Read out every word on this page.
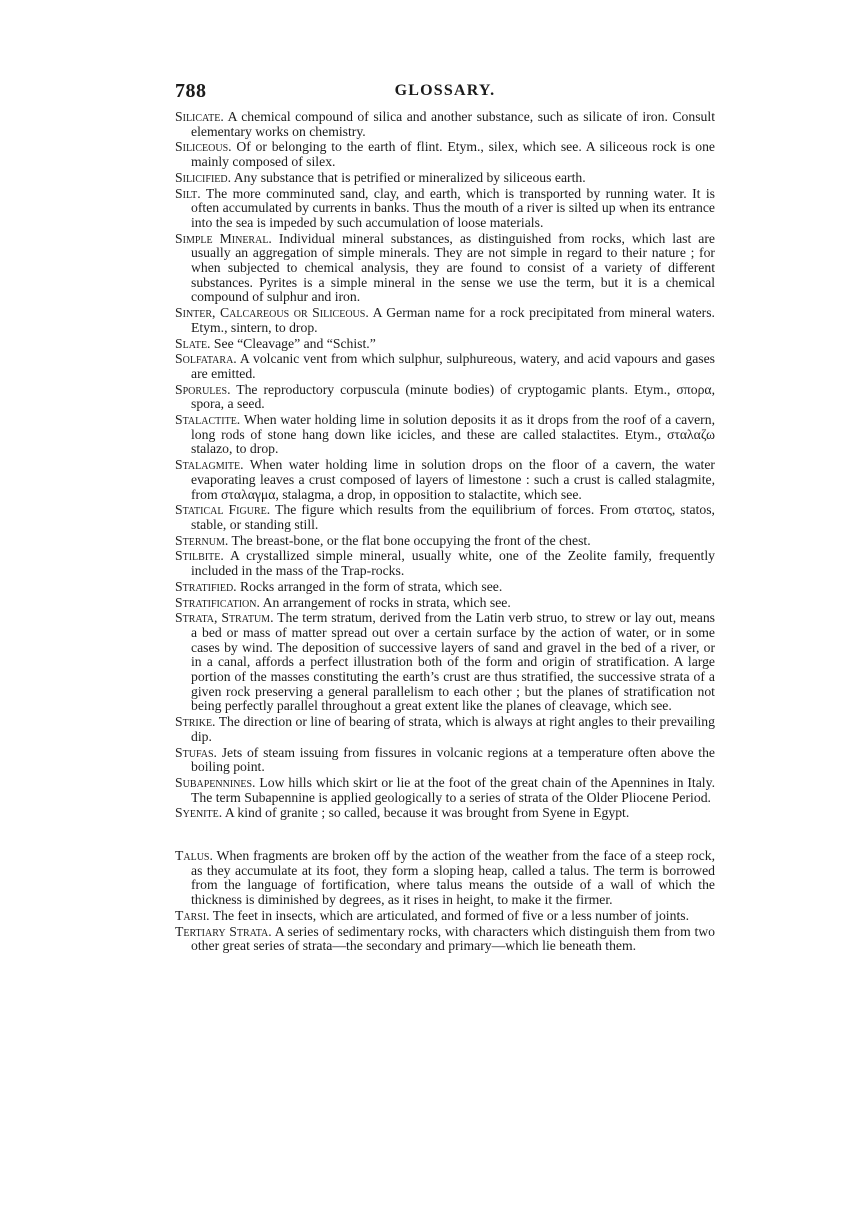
788	GLOSSARY.

Silicate. A chemical compound of silica and another substance, such as silicate of iron. Consult elementary works on chemistry.

Siliceous. Of or belonging to the earth of flint. Etym., silex, which see. A siliceous rock is one mainly composed of silex.

Silicified. Any substance that is petrified or mineralized by siliceous earth.

Silt. The more comminuted sand, clay, and earth, which is transported by running water. It is often accumulated by currents in banks. Thus the mouth of a river is silted up when its entrance into the sea is impeded by such accumulation of loose materials.

Simple Mineral. Individual mineral substances, as distinguished from rocks, which last are usually an aggregation of simple minerals. They are not simple in regard to their nature ; for when subjected to chemical analysis, they are found to consist of a variety of different substances. Pyrites is a simple mineral in the sense we use the term, but it is a chemical compound of sulphur and iron.

Sinter, Calcareous or Siliceous. A German name for a rock precipitated from mineral waters. Etym., sintern, to drop.

Slate. See “Cleavage” and “Schist.”

Solfatara. A volcanic vent from which sulphur, sulphureous, watery, and acid vapours and gases are emitted.

Sporules. The reproductory corpuscula (minute bodies) of cryptogamic plants. Etym., σπορα, spora, a seed.

Stalactite. When water holding lime in solution deposits it as it drops from the roof of a cavern, long rods of stone hang down like icicles, and these are called stalactites. Etym., σταλαζω stalazo, to drop.

Stalagmite. When water holding lime in solution drops on the floor of a cavern, the water evaporating leaves a crust composed of layers of limestone : such a crust is called stalagmite, from σταλαγμα, stalagma, a drop, in opposition to stalactite, which see.

Statical Figure. The figure which results from the equilibrium of forces. From στατος, statos, stable, or standing still.

Sternum. The breast-bone, or the flat bone occupying the front of the chest.

Stilbite. A crystallized simple mineral, usually white, one of the Zeolite family, frequently included in the mass of the Trap-rocks.

Stratified. Rocks arranged in the form of strata, which see.

Stratification. An arrangement of rocks in strata, which see.

Strata, Stratum. The term stratum, derived from the Latin verb struo, to strew or lay out, means a bed or mass of matter spread out over a certain surface by the action of water, or in some cases by wind. The deposition of successive layers of sand and gravel in the bed of a river, or in a canal, affords a perfect illustration both of the form and origin of stratification. A large portion of the masses constituting the earth’s crust are thus stratified, the successive strata of a given rock preserving a general parallelism to each other ; but the planes of stratification not being perfectly parallel throughout a great extent like the planes of cleavage, which see.

Strike. The direction or line of bearing of strata, which is always at right angles to their prevailing dip.

Stufas. Jets of steam issuing from fissures in volcanic regions at a temperature often above the boiling point.

Subapennines. Low hills which skirt or lie at the foot of the great chain of the Apennines in Italy. The term Subapennine is applied geologically to a series of strata of the Older Pliocene Period.

Syenite. A kind of granite ; so called, because it was brought from Syene in Egypt.

Talus. When fragments are broken off by the action of the weather from the face of a steep rock, as they accumulate at its foot, they form a sloping heap, called a talus. The term is borrowed from the language of fortification, where talus means the outside of a wall of which the thickness is diminished by degrees, as it rises in height, to make it the firmer.

Tarsi. The feet in insects, which are articulated, and formed of five or a less number of joints.

Tertiary Strata. A series of sedimentary rocks, with characters which distinguish them from two other great series of strata—the secondary and primary—which lie beneath them.
